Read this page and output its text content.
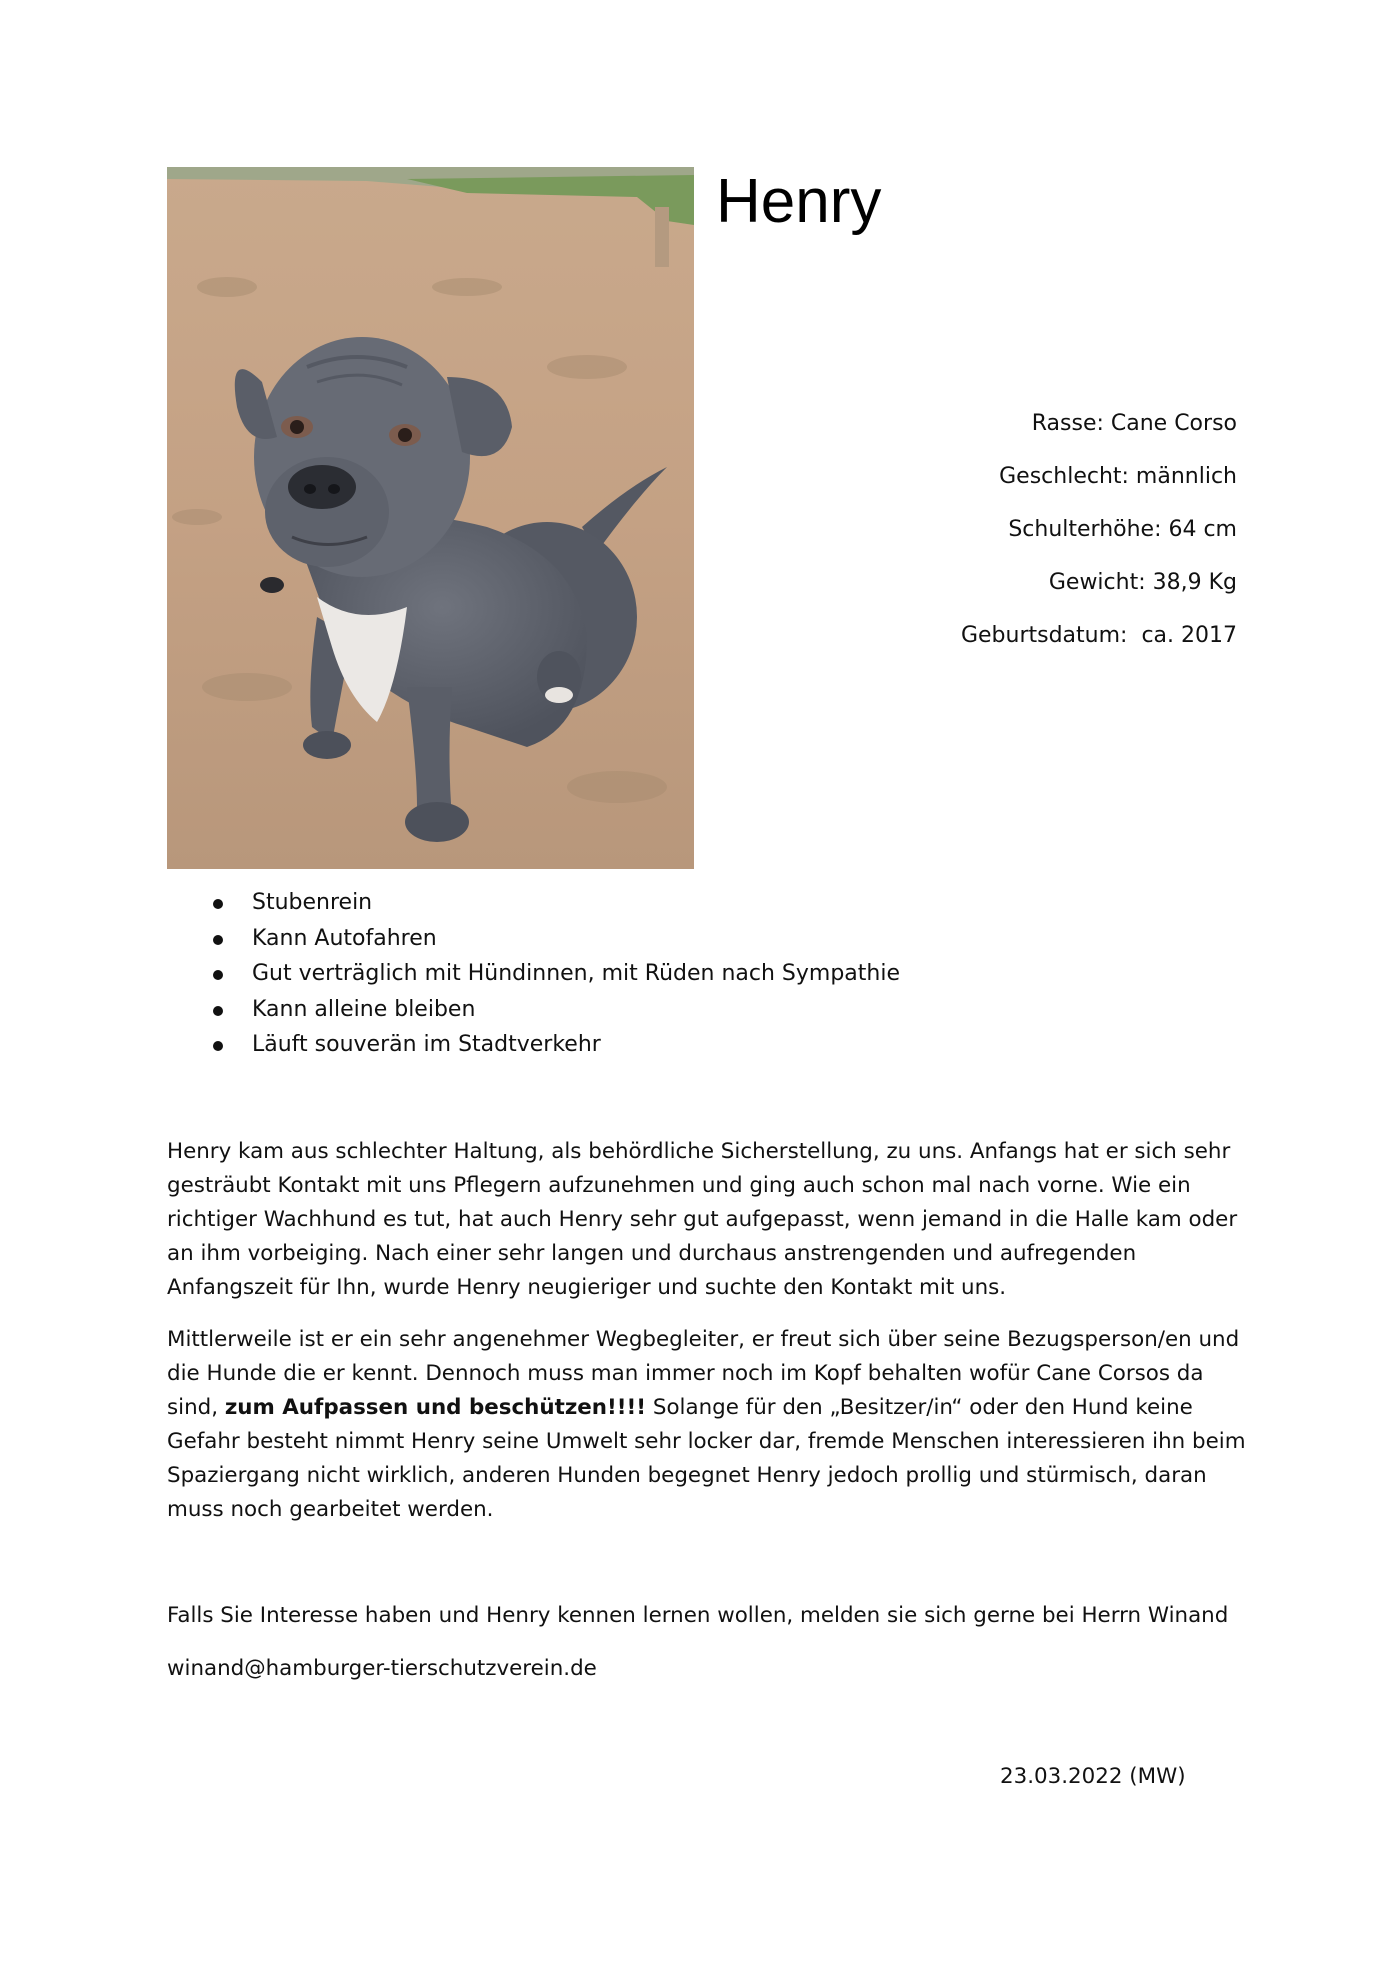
Henry
Rasse: Cane Corso
Geschlecht: männlich
Schulterhöhe: 64 cm
Gewicht: 38,9 Kg
Geburtsdatum:  ca. 2017
Stubenrein
Kann Autofahren
Gut verträglich mit Hündinnen, mit Rüden nach Sympathie
Kann alleine bleiben
Läuft souverän im Stadtverkehr

Henry kam aus schlechter Haltung, als behördliche Sicherstellung, zu uns. Anfangs hat er sich sehr gesträubt Kontakt mit uns Pflegern aufzunehmen und ging auch schon mal nach vorne. Wie ein richtiger Wachhund es tut, hat auch Henry sehr gut aufgepasst, wenn jemand in die Halle kam oder an ihm vorbeiging. Nach einer sehr langen und durchaus anstrengenden und aufregenden Anfangszeit für Ihn, wurde Henry neugieriger und suchte den Kontakt mit uns.

Mittlerweile ist er ein sehr angenehmer Wegbegleiter, er freut sich über seine Bezugsperson/en und die Hunde die er kennt. Dennoch muss man immer noch im Kopf behalten wofür Cane Corsos da sind, zum Aufpassen und beschützen!!!! Solange für den „Besitzer/in“ oder den Hund keine Gefahr besteht nimmt Henry seine Umwelt sehr locker dar, fremde Menschen interessieren ihn beim Spaziergang nicht wirklich, anderen Hunden begegnet Henry jedoch prollig und stürmisch, daran muss noch gearbeitet werden.

Falls Sie Interesse haben und Henry kennen lernen wollen, melden sie sich gerne bei Herrn Winand
winand@hamburger-tierschutzverein.de
23.03.2022 (MW)
